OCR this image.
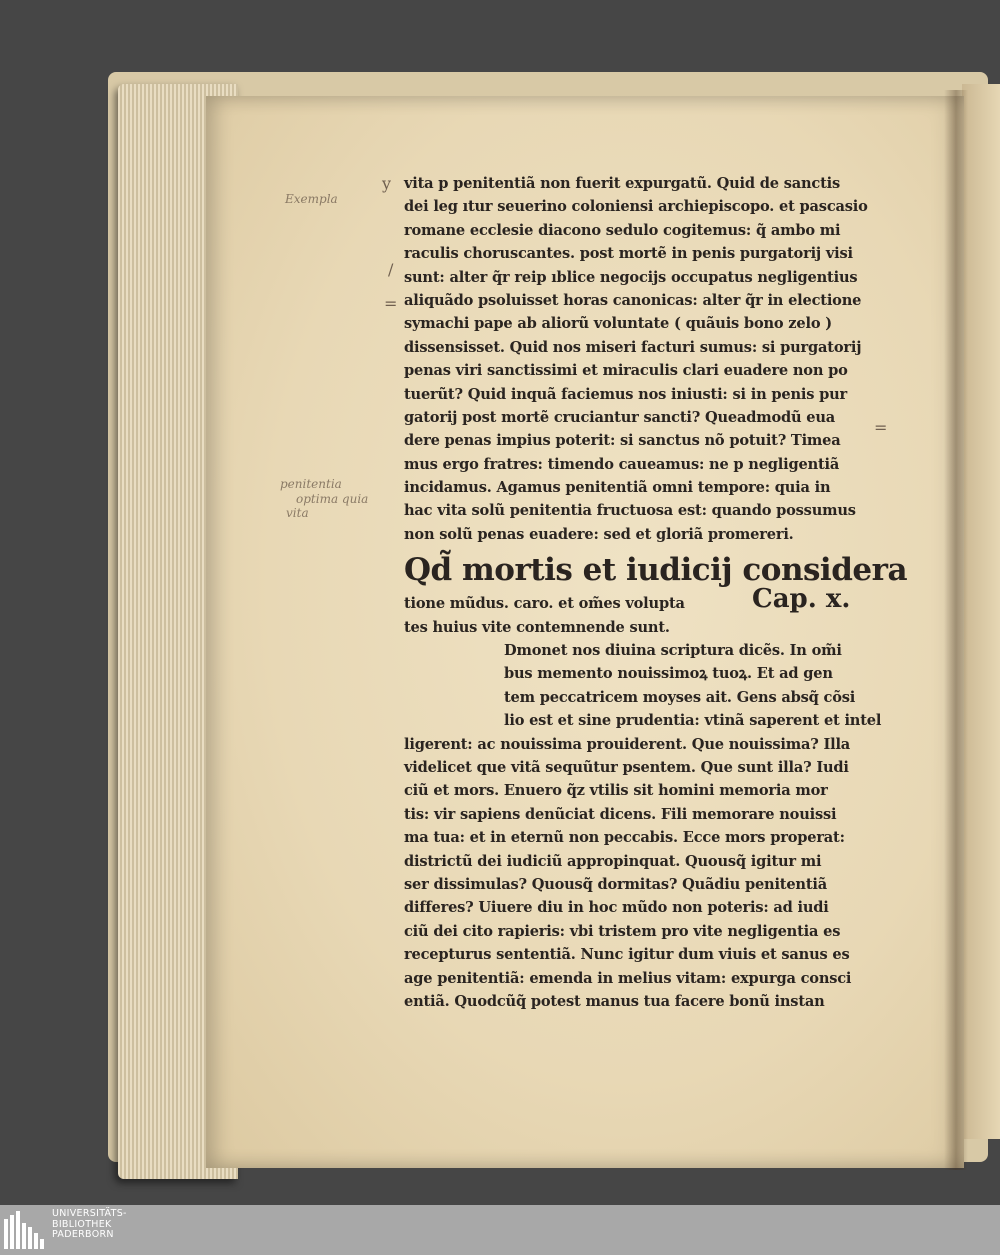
Exempla
y
/
=
=
penitentia
optima quia
vita
vita p penitentiã non fuerit expurgatũ. Quid de sanctis
dei leg ıtur seuerino coloniensi archiepiscopo. et pascasio
romane ecclesie diacono sedulo cogitemus: q̃ ambo mi
raculis choruscantes. post mortẽ in penis purgatorij visi
sunt: alter q̃r reip ıblice negocijs occupatus negligentius
aliquãdo psoluisset horas canonicas: alter q̃r in electione
symachi pape ab aliorũ voluntate ( quãuis bono zelo )
dissensisset. Quid nos miseri facturi sumus: si purgatorij
penas viri sanctissimi et miraculis clari euadere non po
tuerũt? Quid inquã faciemus nos iniusti: si in penis pur
gatorij post mortẽ cruciantur sancti? Queadmodũ eua
dere penas impius poterit: si sanctus nõ potuit? Timea
mus ergo fratres: timendo caueamus: ne p negligentiã
incidamus. Agamus penitentiã omni tempore: quia in
hac vita solũ penitentia fructuosa est: quando possumus
non solũ penas euadere: sed et gloriã promereri.
Qd̃ mortis et iudicij considera
tione mũdus. caro. et om̃es volupta
tes huius vite contemnende sunt.
Dmonet nos diuina scriptura dicẽs. In om̃i
bus memento nouissimoꝝ tuoꝝ. Et ad gen
tem peccatricem moyses ait. Gens absq̃ cõsi
lio est et sine prudentia: vtinã saperent et intel
ligerent: ac nouissima prouiderent. Que nouissima? Illa
videlicet que vitã sequũtur psentem. Que sunt illa? Iudi
ciũ et mors. Enuero q̃z vtilis sit homini memoria mor
tis: vir sapiens denũciat dicens. Fili memorare nouissi
ma tua: et in eternũ non peccabis. Ecce mors properat:
districtũ dei iudiciũ appropinquat. Quousq̃ igitur mi
ser dissimulas? Quousq̃ dormitas? Quãdiu penitentiã
differes? Uiuere diu in hoc mũdo non poteris: ad iudi
ciũ dei cito rapieris: vbi tristem pro vite negligentia es
recepturus sententiã. Nunc igitur dum viuis et sanus es
age penitentiã: emenda in melius vitam: expurga consci
entiã. Quodcũq̃ potest manus tua facere bonũ instan
Cap. x.
UNIVERSITÄTS-
BIBLIOTHEK
PADERBORN
